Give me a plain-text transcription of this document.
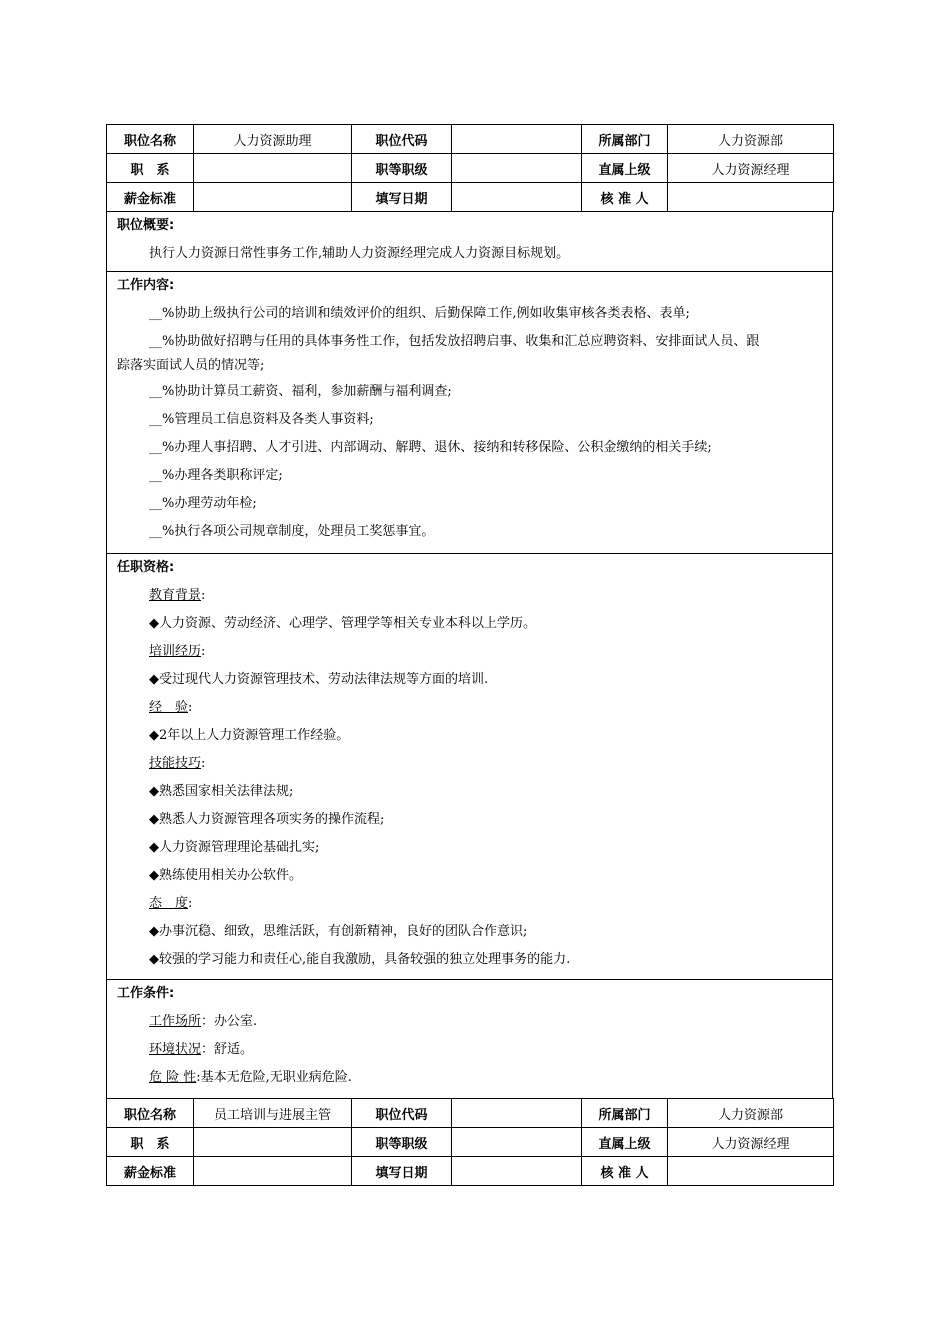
职位名称	人力资源助理	职位代码		所属部门	人力资源部
职　系		职等职级		直属上级	人力资源经理
薪金标准		填写日期		核 准 人	
职位概要:
执行人力资源日常性事务工作,辅助人力资源经理完成人力资源目标规划。
工作内容:
__%协助上级执行公司的培训和绩效评价的组织、后勤保障工作,例如收集审核各类表格、表单;
__%协助做好招聘与任用的具体事务性工作，包括发放招聘启事、收集和汇总应聘资料、安排面试人员、跟
踪落实面试人员的情况等;
__%协助计算员工薪资、福利，参加薪酬与福利调查;
__%管理员工信息资料及各类人事资料;
__%办理人事招聘、人才引进、内部调动、解聘、退休、接纳和转移保险、公积金缴纳的相关手续;
__%办理各类职称评定;
__%办理劳动年检;
__%执行各项公司规章制度，处理员工奖惩事宜。
任职资格:
教育背景:
◆人力资源、劳动经济、心理学、管理学等相关专业本科以上学历。
培训经历:
◆受过现代人力资源管理技术、劳动法律法规等方面的培训.
经　验:
◆2年以上人力资源管理工作经验。
技能技巧:
◆熟悉国家相关法律法规;
◆熟悉人力资源管理各项实务的操作流程;
◆人力资源管理理论基础扎实;
◆熟练使用相关办公软件。
态　度:
◆办事沉稳、细致，思维活跃，有创新精神，良好的团队合作意识;
◆较强的学习能力和责任心,能自我激励，具备较强的独立处理事务的能力.
工作条件:
工作场所：办公室.
环境状况：舒适。
危 险 性:基本无危险,无职业病危险.
职位名称	员工培训与进展主管	职位代码		所属部门	人力资源部
职　系		职等职级		直属上级	人力资源经理
薪金标准		填写日期		核 准 人	
